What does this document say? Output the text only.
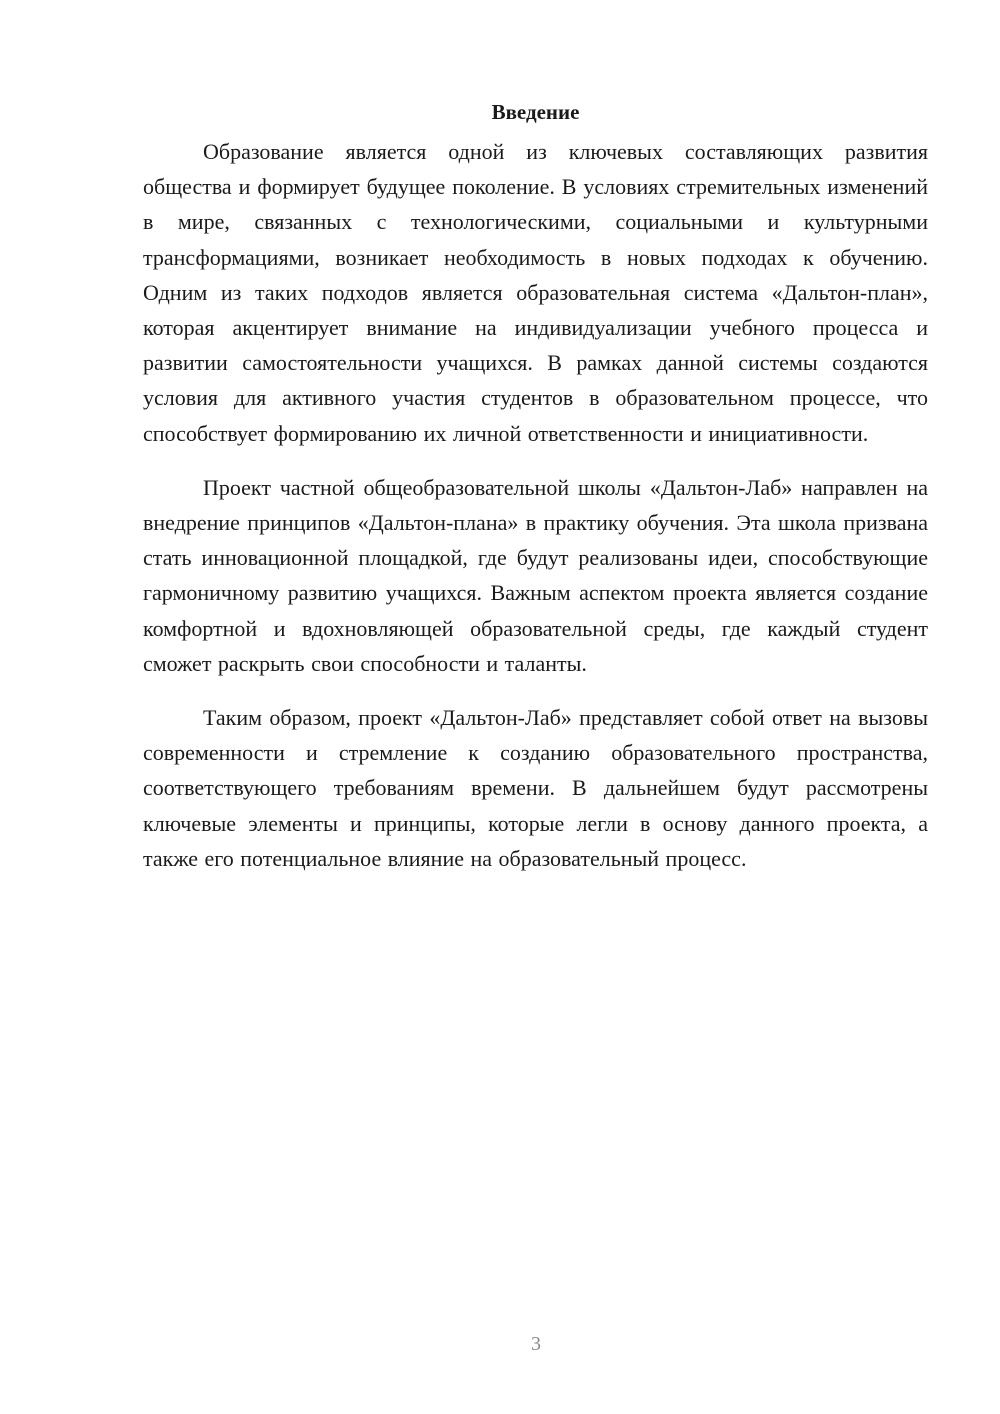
Введение

Образование является одной из ключевых составляющих развития общества и формирует будущее поколение. В условиях стремительных изменений в мире, связанных с технологическими, социальными и культурными трансформациями, возникает необходимость в новых подходах к обучению. Одним из таких подходов является образовательная система «Дальтон-план», которая акцентирует внимание на индивидуализации учебного процесса и развитии самостоятельности учащихся. В рамках данной системы создаются условия для активного участия студентов в образовательном процессе, что способствует формированию их личной ответственности и инициативности.

Проект частной общеобразовательной школы «Дальтон-Лаб» направлен на внедрение принципов «Дальтон-плана» в практику обучения. Эта школа призвана стать инновационной площадкой, где будут реализованы идеи, способствующие гармоничному развитию учащихся. Важным аспектом проекта является создание комфортной и вдохновляющей образовательной среды, где каждый студент сможет раскрыть свои способности и таланты.

Таким образом, проект «Дальтон-Лаб» представляет собой ответ на вызовы современности и стремление к созданию образовательного пространства, соответствующего требованиям времени. В дальнейшем будут рассмотрены ключевые элементы и принципы, которые легли в основу данного проекта, а также его потенциальное влияние на образовательный процесс.

3
